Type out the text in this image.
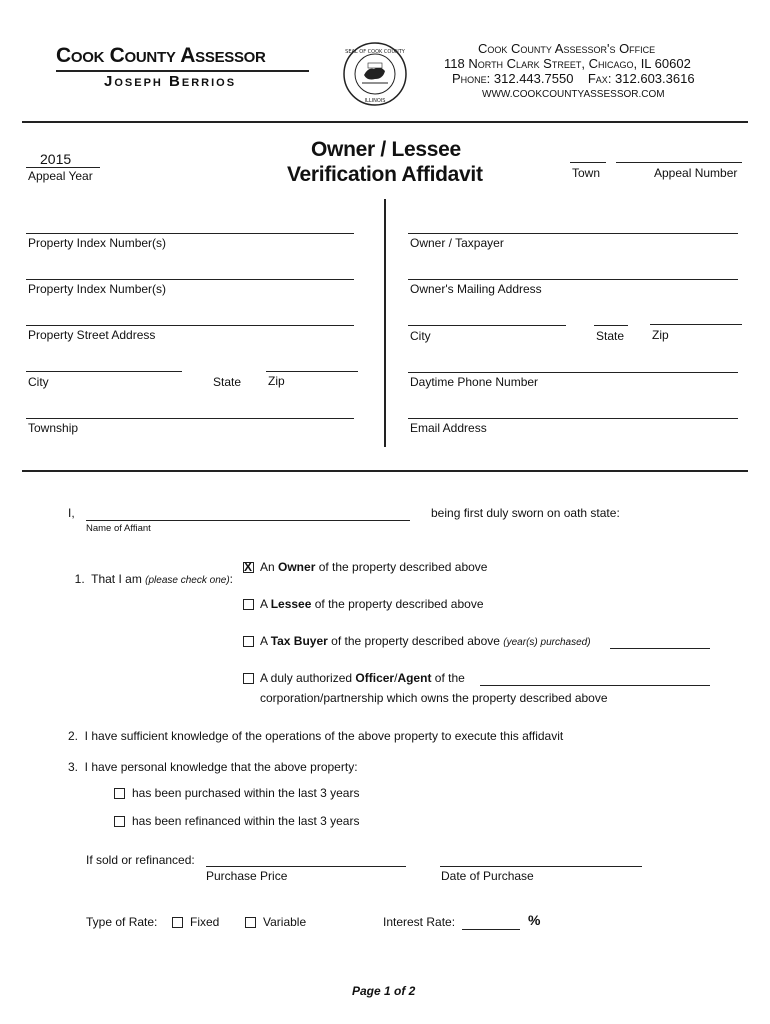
Cook County Assessor
Joseph Berrios
SEAL OF COOK COUNTY
ILLINOIS
Cook County Assessor's Office
118 North Clark Street, Chicago, IL 60602
Phone: 312.443.7550    Fax: 312.603.3616
WWW.COOKCOUNTYASSESSOR.COM
2015
Appeal Year
Owner / Lessee
Verification Affidavit	Town	Appeal Number
Property Index Number(s)
Property Index Number(s)
Property Street Address
City	State Zip
Township
Owner / Taxpayer
Owner's Mailing Address
City	State Zip
Daytime Phone Number
Email Address
I,	being first duly sworn on oath state:
Name of Affiant

1.  That I am (please check one):

X
An Owner of the property described above
A Lessee of the property described above
A Tax Buyer of the property described above (year(s) purchased)
A duly authorized Officer/Agent of the
corporation/partnership which owns the property described above
2.  I have sufficient knowledge of the operations of the above property to execute this affidavit
3.  I have personal knowledge that the above property:
has been purchased within the last 3 years
has been refinanced within the last 3 years
If sold or refinanced:
Purchase Price	Date of Purchase
Type of Rate:	Fixed	Variable	Interest Rate:	%
Page 1 of 2
